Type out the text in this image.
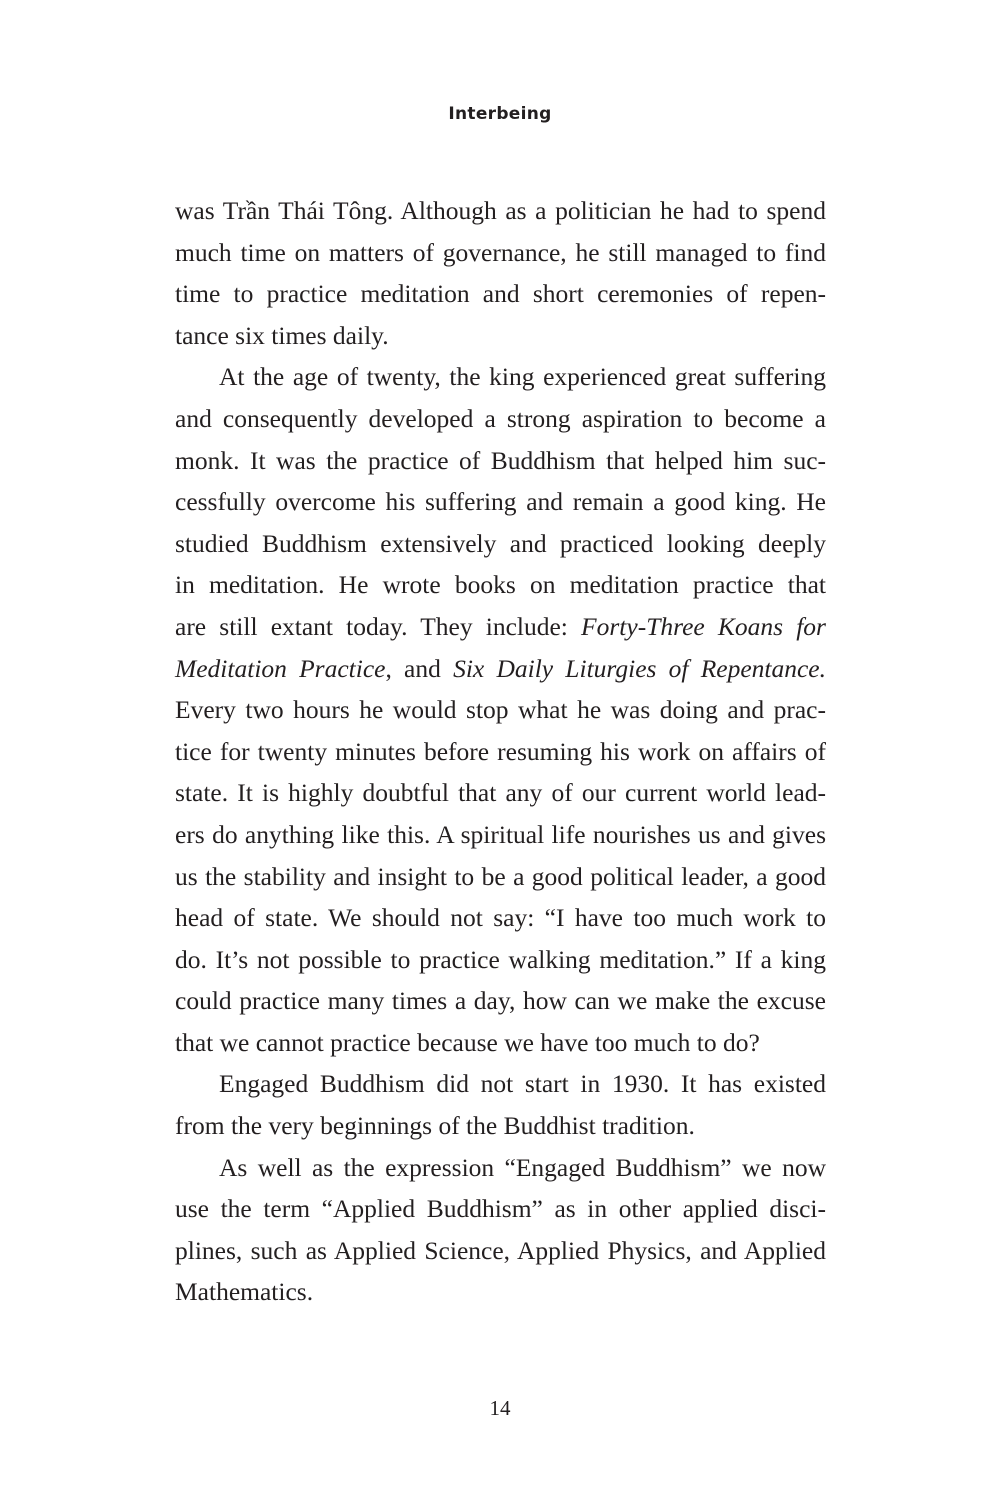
Interbeing
was Trần Thái Tông. Although as a politician he had to spend
much time on matters of governance, he still managed to find
time to practice meditation and short ceremonies of repen-
tance six times daily.
At the age of twenty, the king experienced great suffering
and consequently developed a strong aspiration to become a
monk. It was the practice of Buddhism that helped him suc-
cessfully overcome his suffering and remain a good king. He
studied Buddhism extensively and practiced looking deeply
in meditation. He wrote books on meditation practice that
are still extant today. They include: Forty-Three Koans for
Meditation Practice, and Six Daily Liturgies of Repentance.
Every two hours he would stop what he was doing and prac-
tice for twenty minutes before resuming his work on affairs of
state. It is highly doubtful that any of our current world lead-
ers do anything like this. A spiritual life nourishes us and gives
us the stability and insight to be a good political leader, a good
head of state. We should not say: “I have too much work to
do. It’s not possible to practice walking meditation.” If a king
could practice many times a day, how can we make the excuse
that we cannot practice because we have too much to do?
Engaged Buddhism did not start in 1930. It has existed
from the very beginnings of the Buddhist tradition.
As well as the expression “Engaged Buddhism” we now
use the term “Applied Buddhism” as in other applied disci-
plines, such as Applied Science, Applied Physics, and Applied
Mathematics.
14
